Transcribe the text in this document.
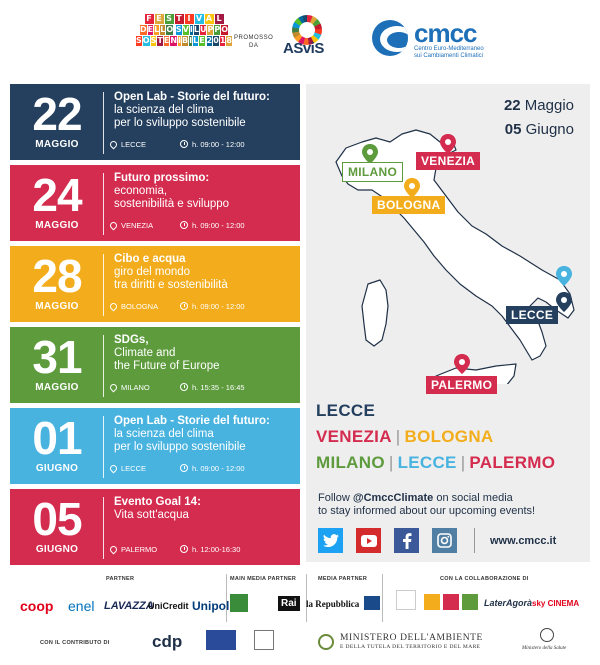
F E S T I V A L
D E L L O S V I L U P P O
S O S T E N I B I L E 2 0 1 8 PROMOSSO
DA	ASviS
cmcc
Centro Euro-Mediterraneo
sui Cambiamenti Climatici
22
MAGGIO
Open Lab - Storie del futuro:
la scienza del clima
per lo sviluppo sostenibile
LECCE	h. 09:00 - 12:00
24
MAGGIO
Futuro prossimo:
economia,
sostenibilità e sviluppo
VENEZIA	h. 09:00 - 12:00
28
MAGGIO
Cibo e acqua
giro del mondo
tra diritti e sostenibilità
BOLOGNA	h. 09:00 - 12:00
31
MAGGIO
SDGs,
Climate and
the Future of Europe
MILANO	h. 15:35 - 16:45
01
GIUGNO
Open Lab - Storie del futuro:
la scienza del clima
per lo sviluppo sostenibile
LECCE	h. 09:00 - 12:00
05
GIUGNO
Evento Goal 14:
Vita sott'acqua
PALERMO	h. 12:00-16:30
22 Maggio
05 Giugno
MILANO
VENEZIA
BOLOGNA
LECCE
PALERMO
LECCE
VENEZIA | BOLOGNA
MILANO | LECCE | PALERMO
Follow @CmccClimate on social media
to stay informed about our upcoming events!
www.cmcc.it
PARTNER	MAIN MEDIA PARTNER	MEDIA PARTNER	CON LA COLLABORAZIONE DI
coop enel LAVAZZA
UniCredit Unipol	Rai	la Repubblica	LaterAgorà sky CINEMA
CON IL CONTRIBUTO DI cdp	MINISTERO DELL'AMBIENTE
E DELLA TUTELA DEL TERRITORIO E DEL MARE	Ministero della Salute
